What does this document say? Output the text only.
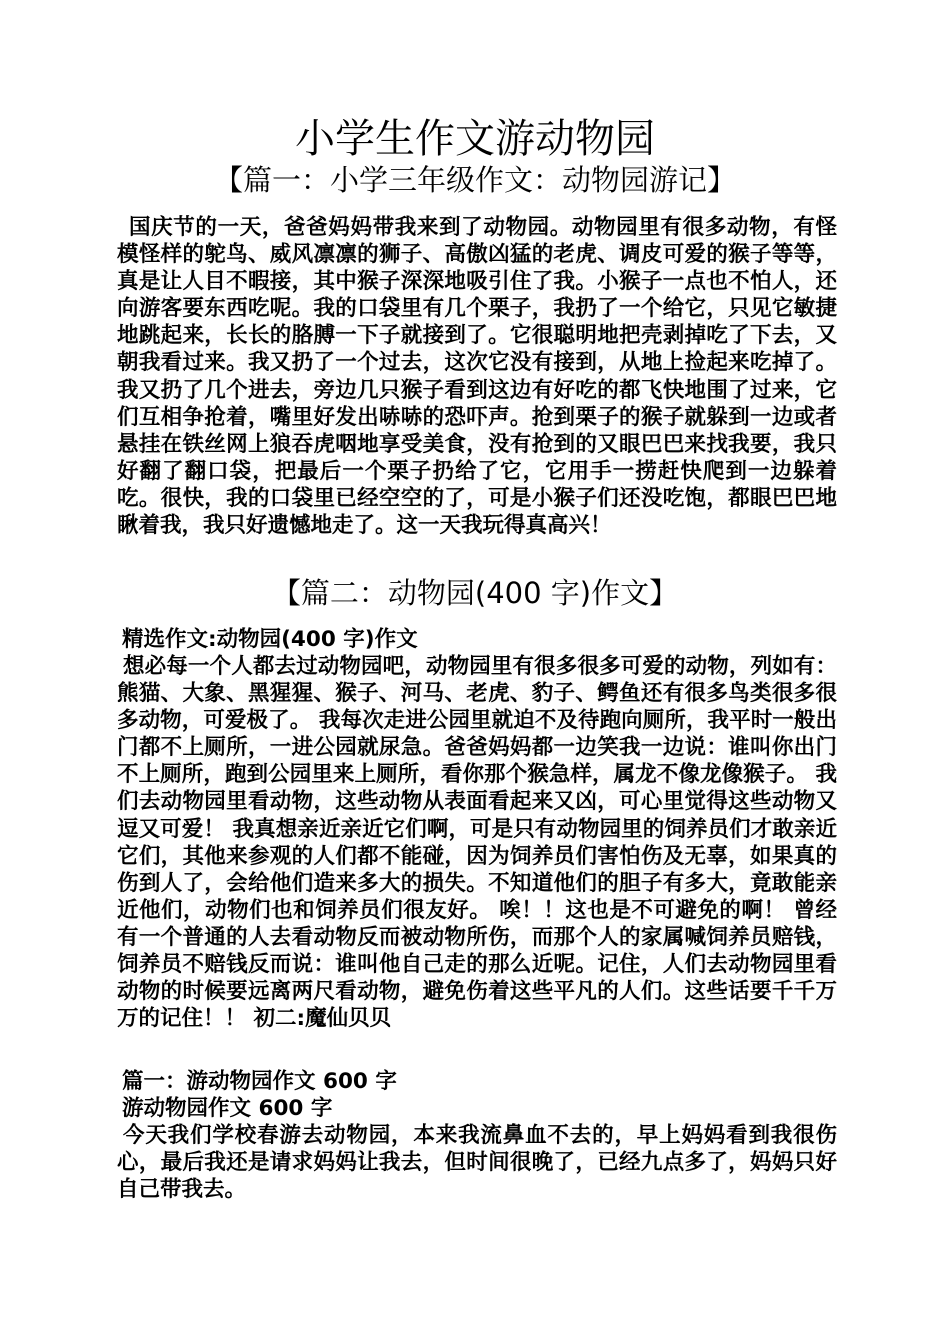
小学生作文游动物园
【篇一：小学三年级作文：动物园游记】

国庆节的一天，爸爸妈妈带我来到了动物园。动物园里有很多动物，有怪模怪样的鸵鸟、威风凛凛的狮子、高傲凶猛的老虎、调皮可爱的猴子等等，真是让人目不暇接，其中猴子深深地吸引住了我。小猴子一点也不怕人，还向游客要东西吃呢。我的口袋里有几个栗子，我扔了一个给它，只见它敏捷地跳起来，长长的胳膊一下子就接到了。它很聪明地把壳剥掉吃了下去，又朝我看过来。我又扔了一个过去，这次它没有接到，从地上捡起来吃掉了。我又扔了几个进去，旁边几只猴子看到这边有好吃的都飞快地围了过来，它们互相争抢着，嘴里好发出哧哧的恐吓声。抢到栗子的猴子就躲到一边或者悬挂在铁丝网上狼吞虎咽地享受美食，没有抢到的又眼巴巴来找我要，我只好翻了翻口袋，把最后一个栗子扔给了它，它用手一捞赶快爬到一边躲着吃。很快，我的口袋里已经空空的了，可是小猴子们还没吃饱，都眼巴巴地瞅着我，我只好遗憾地走了。这一天我玩得真高兴！

【篇二：动物园(400 字)作文】

精选作文:动物园(400 字)作文

想必每一个人都去过动物园吧，动物园里有很多很多可爱的动物，列如有：熊猫、大象、黑猩猩、猴子、河马、老虎、豹子、鳄鱼还有很多鸟类很多很多动物，可爱极了。 我每次走进公园里就迫不及待跑向厕所，我平时一般出门都不上厕所，一进公园就尿急。爸爸妈妈都一边笑我一边说：谁叫你出门不上厕所，跑到公园里来上厕所，看你那个猴急样，属龙不像龙像猴子。 我们去动物园里看动物，这些动物从表面看起来又凶，可心里觉得这些动物又逗又可爱！ 我真想亲近亲近它们啊，可是只有动物园里的饲养员们才敢亲近它们，其他来参观的人们都不能碰，因为饲养员们害怕伤及无辜，如果真的伤到人了，会给他们造来多大的损失。不知道他们的胆子有多大，竟敢能亲近他们，动物们也和饲养员们很友好。 唉！！这也是不可避免的啊！ 曾经有一个普通的人去看动物反而被动物所伤，而那个人的家属喊饲养员赔钱，饲养员不赔钱反而说：谁叫他自己走的那么近呢。记住，人们去动物园里看动物的时候要远离两尺看动物，避免伤着这些平凡的人们。这些话要千千万万的记住！！ 初二:魔仙贝贝

篇一：游动物园作文 600 字

游动物园作文 600 字

今天我们学校春游去动物园，本来我流鼻血不去的，早上妈妈看到我很伤心，最后我还是请求妈妈让我去，但时间很晚了，已经九点多了，妈妈只好自己带我去。
